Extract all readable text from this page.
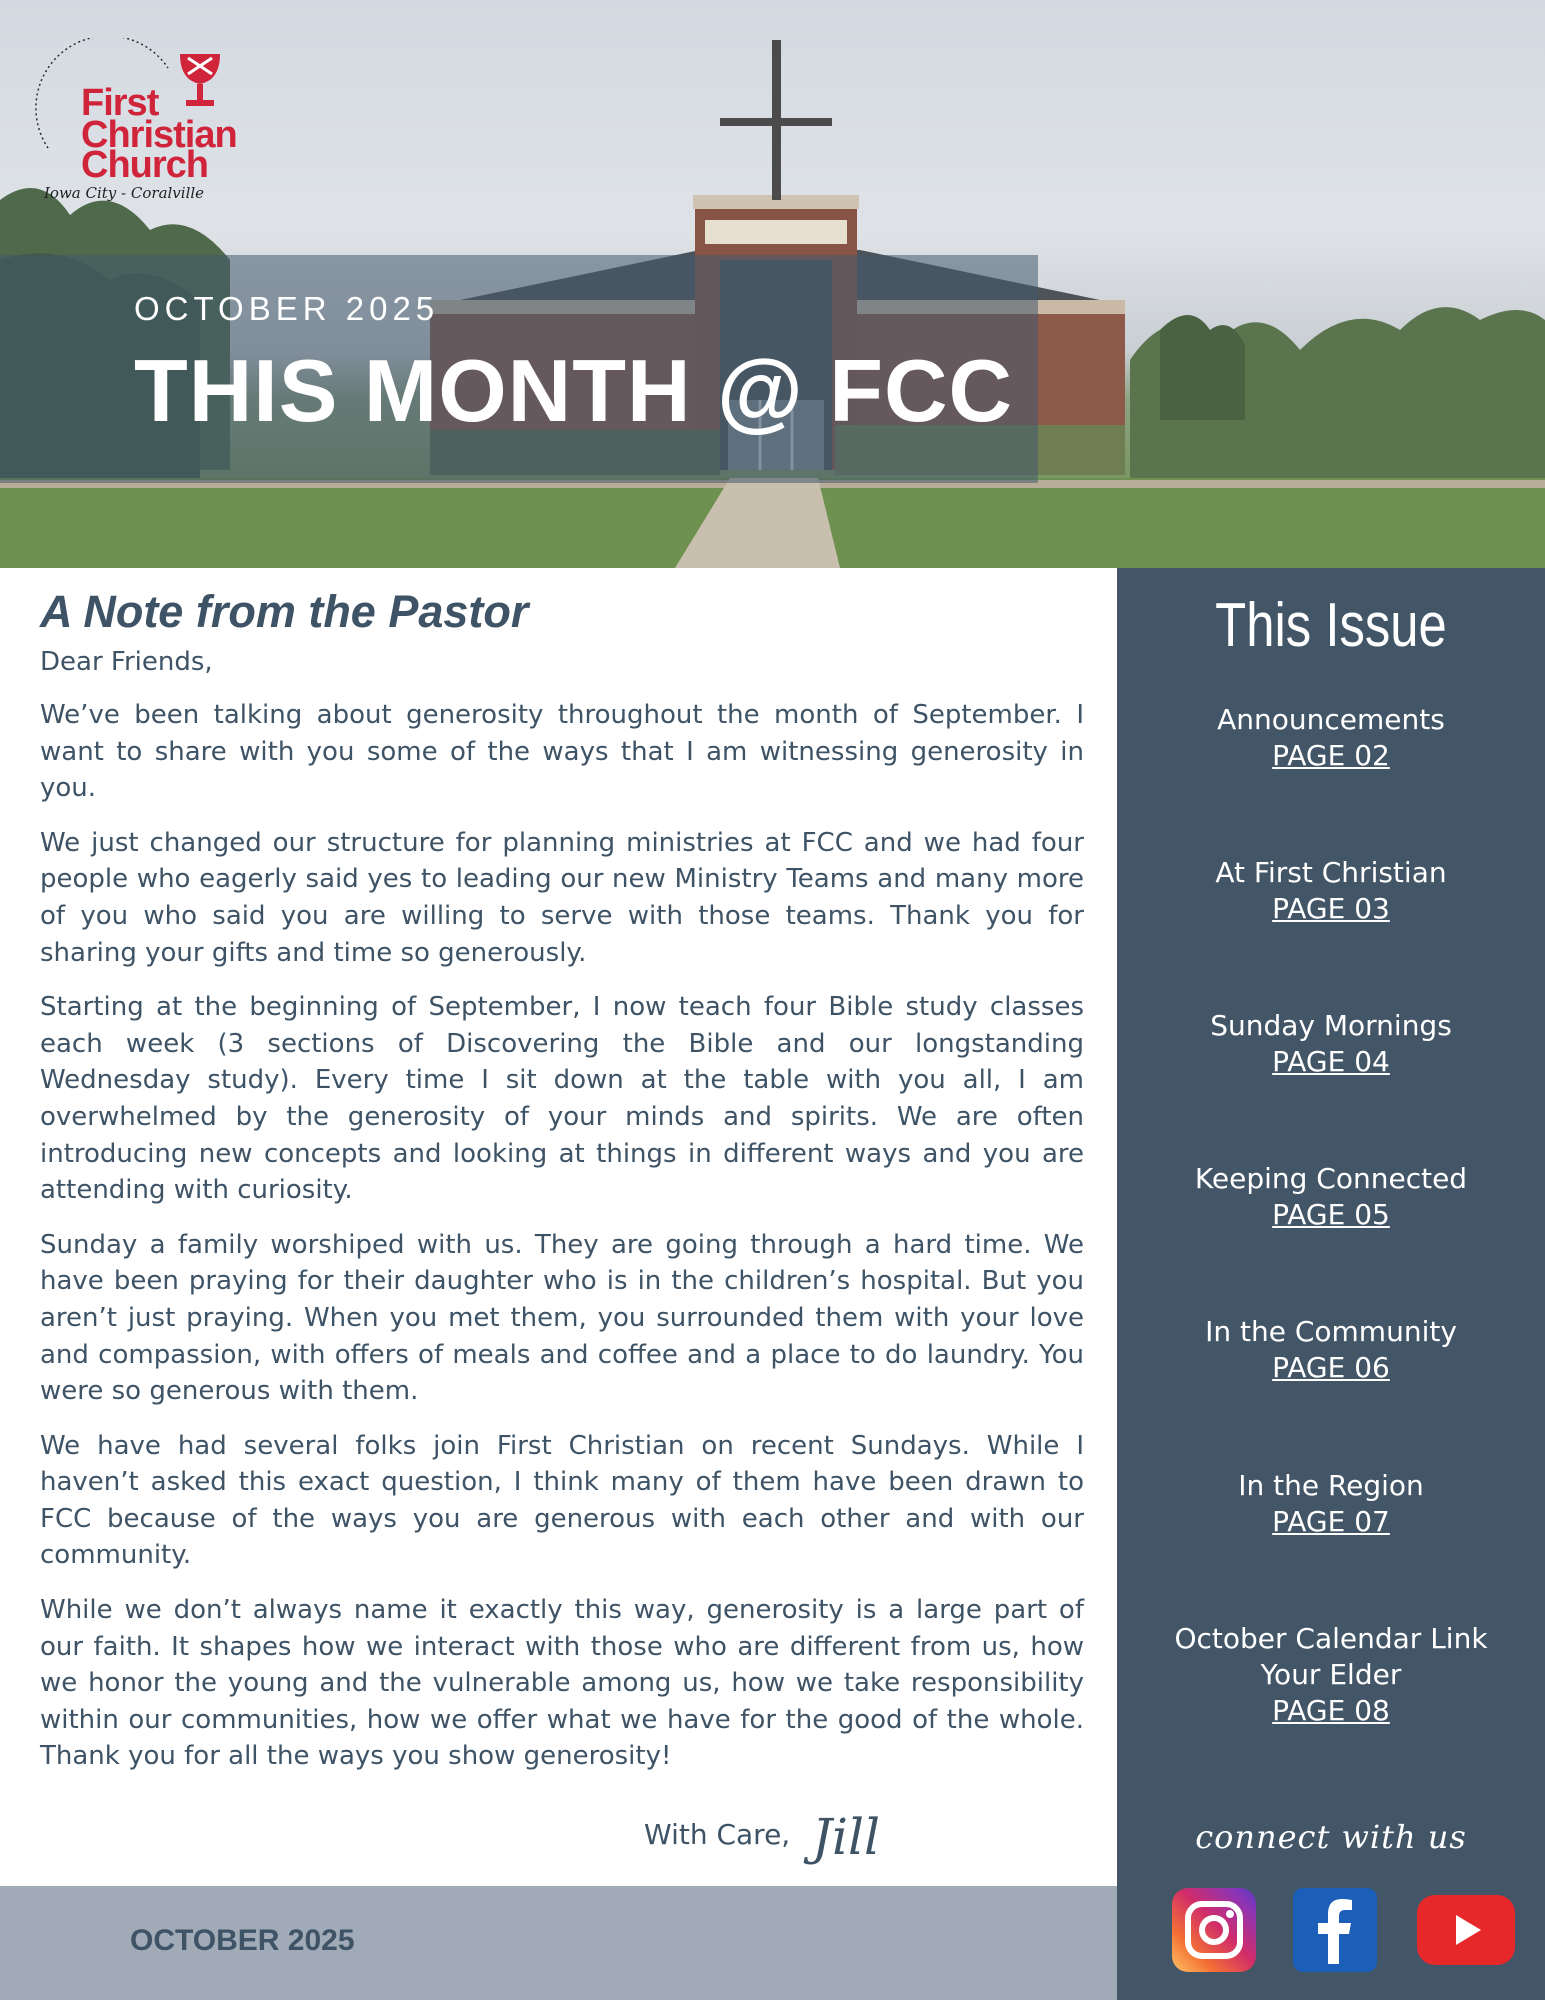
First
Christian
Church
Iowa City - Coralville
OCTOBER 2025
THIS MONTH @ FCC
A Note from the Pastor

Dear Friends,

We’ve been talking about generosity throughout the month of September. I want to share with you some of the ways that I am witnessing generosity in you.

We just changed our structure for planning ministries at FCC and we had four people who eagerly said yes to leading our new Ministry Teams and many more of you who said you are willing to serve with those teams. Thank you for sharing your gifts and time so generously.

Starting at the beginning of September, I now teach four Bible study classes each week (3 sections of Discovering the Bible and our longstanding Wednesday study). Every time I sit down at the table with you all, I am overwhelmed by the generosity of your minds and spirits. We are often introducing new concepts and looking at things in different ways and you are attending with curiosity.

Sunday a family worshiped with us. They are going through a hard time. We have been praying for their daughter who is in the children’s hospital. But you aren’t just praying. When you met them, you surrounded them with your love and compassion, with offers of meals and coffee and a place to do laundry. You were so generous with them.

We have had several folks join First Christian on recent Sundays. While I haven’t asked this exact question, I think many of them have been drawn to FCC because of the ways you are generous with each other and with our community.

While we don’t always name it exactly this way, generosity is a large part of our faith. It shapes how we interact with those who are different from us, how we honor the young and the vulnerable among us, how we take responsibility within our communities, how we offer what we have for the good of the whole. Thank you for all the ways you show generosity!

With Care, Jill
OCTOBER 2025
This Issue
Announcements
PAGE 02
At First Christian
PAGE 03
Sunday Mornings
PAGE 04
Keeping Connected
PAGE 05
In the Community
PAGE 06
In the Region
PAGE 07
October Calendar Link
Your Elder
PAGE 08
connect with us
